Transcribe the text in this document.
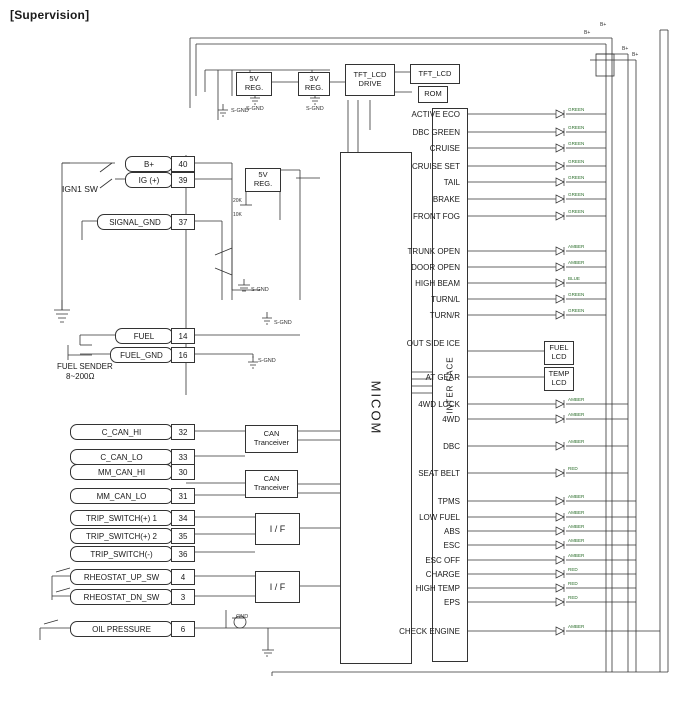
[Supervision]
5V
REG.
3V
REG.
TFT_LCD
DRIVE
TFT_LCD
ROM
5V
REG.
S-GND
S-GND	S-GND
S-GND
S-GND
S-GND
GND
20K
10K
B+	40
IG (+) 39
SIGNAL_GND 37
FUEL	14
FUEL_GND 16
C_CAN_HI	32
C_CAN_LO	33
MM_CAN_HI	30
MM_CAN_LO	31
TRIP_SWITCH(+) 1	34
TRIP_SWITCH(+) 2	35
TRIP_SWITCH(-)	36
RHEOSTAT_UP_SW	4
RHEOSTAT_DN_SW	3
OIL PRESSURE	6
IGN1 SW
FUEL SENDER
8~200Ω
CAN
Tranceiver
CAN
Tranceiver
I / F
I / F
MICOM	INTER FACE
FUEL
LCD
TEMP
LCD
ACTIVE ECO
DBC GREEN
CRUISE
CRUISE SET
TAIL
BRAKE
FRONT FOG
TRUNK OPEN
DOOR OPEN
HIGH BEAM
TURN/L
TURN/R
OUT SIDE ICE
AT GEAR
4WD LOCK
4WD
DBC
SEAT BELT
TPMS
LOW FUEL
ABS
ESC
ESC OFF
CHARGE
HIGH TEMP
EPS
CHECK ENGINE
GREEN
GREEN
GREEN
GREEN
GREEN
GREEN
GREEN
AMBER
AMBER
BLUE
GREEN
GREEN
AMBER
AMBER
AMBER
RED
AMBER
AMBER
AMBER
AMBER
AMBER
RED
RED
RED
AMBER
B+
B+
B+
B+
